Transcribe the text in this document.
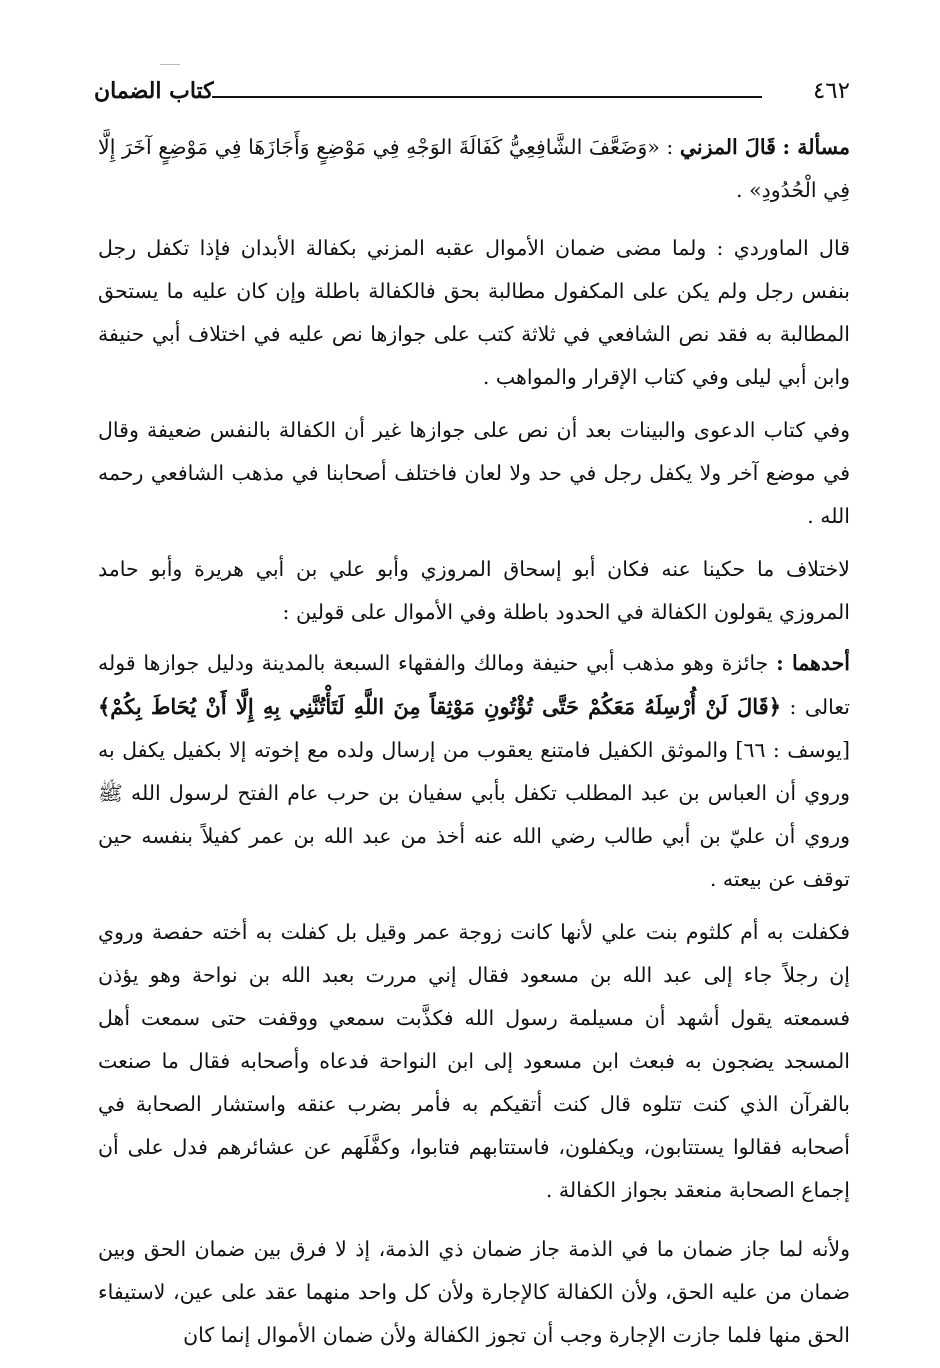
كتاب الضمان	٤٦٢

مسألة : قَالَ المزني : «وَضَعَّفَ الشَّافِعِيُّ كَفَالَةَ الوَجْهِ فِي مَوْضِعٍ وَأَجَازَهَا فِي مَوْضِعٍ آخَرَ إِلَّا فِي الْحُدُودِ» .

قال الماوردي : ولما مضى ضمان الأموال عقبه المزني بكفالة الأبدان فإذا تكفل رجل بنفس رجل ولم يكن على المكفول مطالبة بحق فالكفالة باطلة وإن كان عليه ما يستحق المطالبة به فقد نص الشافعي في ثلاثة كتب على جوازها نص عليه في اختلاف أبي حنيفة وابن أبي ليلى وفي كتاب الإقرار والمواهب .

وفي كتاب الدعوى والبينات بعد أن نص على جوازها غير أن الكفالة بالنفس ضعيفة وقال في موضع آخر ولا يكفل رجل في حد ولا لعان فاختلف أصحابنا في مذهب الشافعي رحمه الله .

لاختلاف ما حكينا عنه فكان أبو إسحاق المروزي وأبو علي بن أبي هريرة وأبو حامد المروزي يقولون الكفالة في الحدود باطلة وفي الأموال على قولين :

أحدهما : جائزة وهو مذهب أبي حنيفة ومالك والفقهاء السبعة بالمدينة ودليل جوازها قوله تعالى : ﴿قَالَ لَنْ أُرْسِلَهُ مَعَكُمْ حَتَّى تُؤْتُونِ مَوْثِقاً مِنَ اللَّهِ لَتَأْتُنَّنِي بِهِ إِلَّا أَنْ يُحَاطَ بِكُمْ﴾ [يوسف : ٦٦] والموثق الكفيل فامتنع يعقوب من إرسال ولده مع إخوته إلا بكفيل يكفل به وروي أن العباس بن عبد المطلب تكفل بأبي سفيان بن حرب عام الفتح لرسول الله ﷺ وروي أن عليّ بن أبي طالب رضي الله عنه أخذ من عبد الله بن عمر كفيلاً بنفسه حين توقف عن بيعته .

فكفلت به أم كلثوم بنت علي لأنها كانت زوجة عمر وقيل بل كفلت به أخته حفصة وروي إن رجلاً جاء إلى عبد الله بن مسعود فقال إني مررت بعبد الله بن نواحة وهو يؤذن فسمعته يقول أشهد أن مسيلمة رسول الله فكذَّبت سمعي ووقفت حتى سمعت أهل المسجد يضجون به فبعث ابن مسعود إلى ابن النواحة فدعاه وأصحابه فقال ما صنعت بالقرآن الذي كنت تتلوه قال كنت أتقيكم به فأمر بضرب عنقه واستشار الصحابة في أصحابه فقالوا يستتابون، ويكفلون، فاستتابهم فتابوا، وكفَّلَهم عن عشائرهم فدل على أن إجماع الصحابة منعقد بجواز الكفالة .

ولأنه لما جاز ضمان ما في الذمة جاز ضمان ذي الذمة، إذ لا فرق بين ضمان الحق وبين ضمان من عليه الحق، ولأن الكفالة كالإجارة ولأن كل واحد منهما عقد على عين، لاستيفاء الحق منها فلما جازت الإجارة وجب أن تجوز الكفالة ولأن ضمان الأموال إنما كان
